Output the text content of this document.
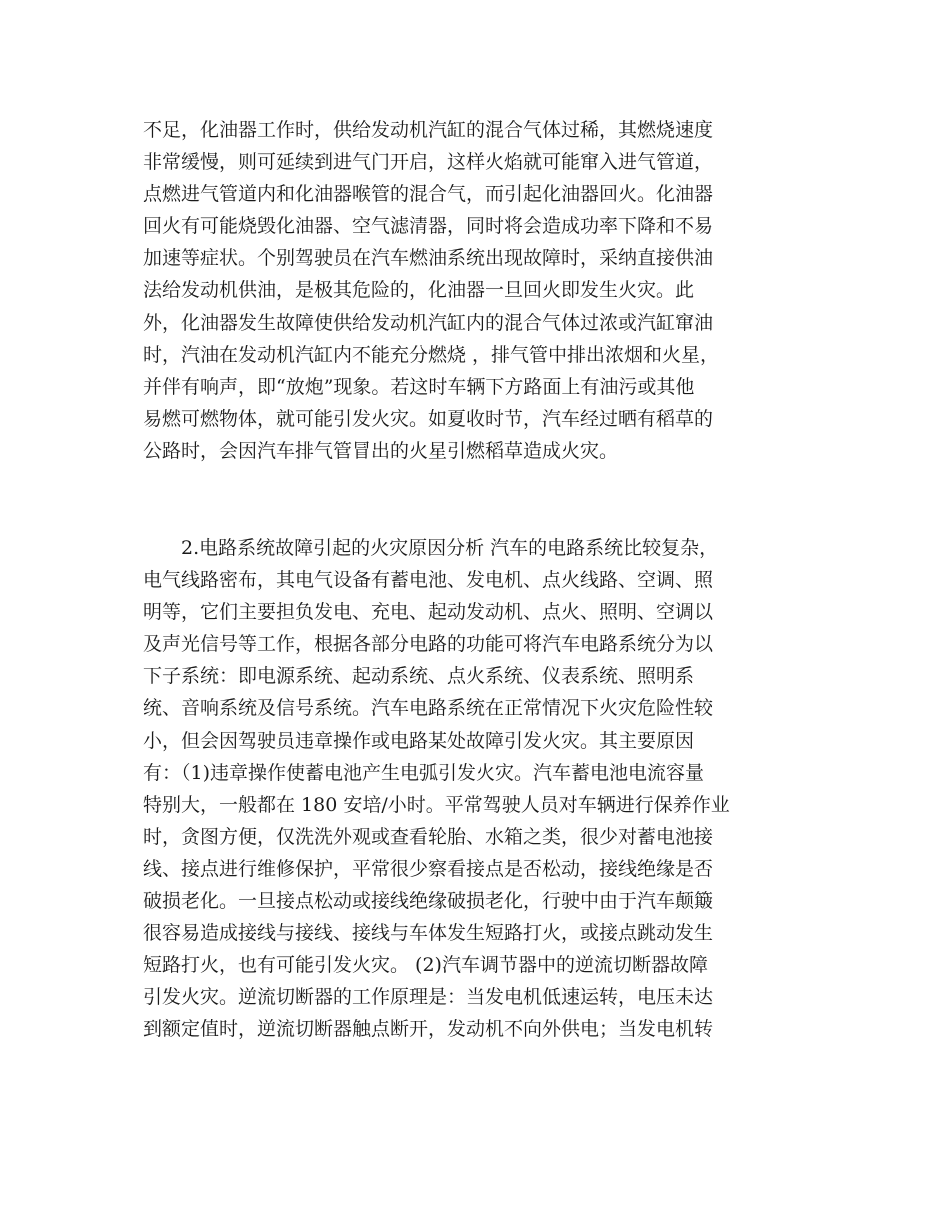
不足，化油器工作时，供给发动机汽缸的混合气体过稀，其燃烧速度
非常缓慢，则可延续到进气门开启，这样火焰就可能窜入进气管道，
点燃进气管道内和化油器喉管的混合气，而引起化油器回火。化油器
回火有可能烧毁化油器、空气滤清器，同时将会造成功率下降和不易
加速等症状。个别驾驶员在汽车燃油系统出现故障时，采纳直接供油
法给发动机供油，是极其危险的，化油器一旦回火即发生火灾。此
外，化油器发生故障使供给发动机汽缸内的混合气体过浓或汽缸窜油
时，汽油在发动机汽缸内不能充分燃烧 ，排气管中排出浓烟和火星，
并伴有响声，即“放炮”现象。若这时车辆下方路面上有油污或其他
易燃可燃物体，就可能引发火灾。如夏收时节，汽车经过晒有稻草的
公路时，会因汽车排气管冒出的火星引燃稻草造成火灾。
　　2.电路系统故障引起的火灾原因分析 汽车的电路系统比较复杂，
电气线路密布，其电气设备有蓄电池、发电机、点火线路、空调、照
明等，它们主要担负发电、充电、起动发动机、点火、照明、空调以
及声光信号等工作，根据各部分电路的功能可将汽车电路系统分为以
下子系统：即电源系统、起动系统、点火系统、仪表系统、照明系
统、音响系统及信号系统。汽车电路系统在正常情况下火灾危险性较
小，但会因驾驶员违章操作或电路某处故障引发火灾。其主要原因
有：（1)违章操作使蓄电池产生电弧引发火灾。汽车蓄电池电流容量
特别大，一般都在 180 安培/小时。平常驾驶人员对车辆进行保养作业
时，贪图方便，仅洗洗外观或查看轮胎、水箱之类，很少对蓄电池接
线、接点进行维修保护，平常很少察看接点是否松动，接线绝缘是否
破损老化。一旦接点松动或接线绝缘破损老化，行驶中由于汽车颠簸
很容易造成接线与接线、接线与车体发生短路打火，或接点跳动发生
短路打火，也有可能引发火灾。 (2)汽车调节器中的逆流切断器故障
引发火灾。逆流切断器的工作原理是：当发电机低速运转，电压未达
到额定值时，逆流切断器触点断开，发动机不向外供电；当发电机转
